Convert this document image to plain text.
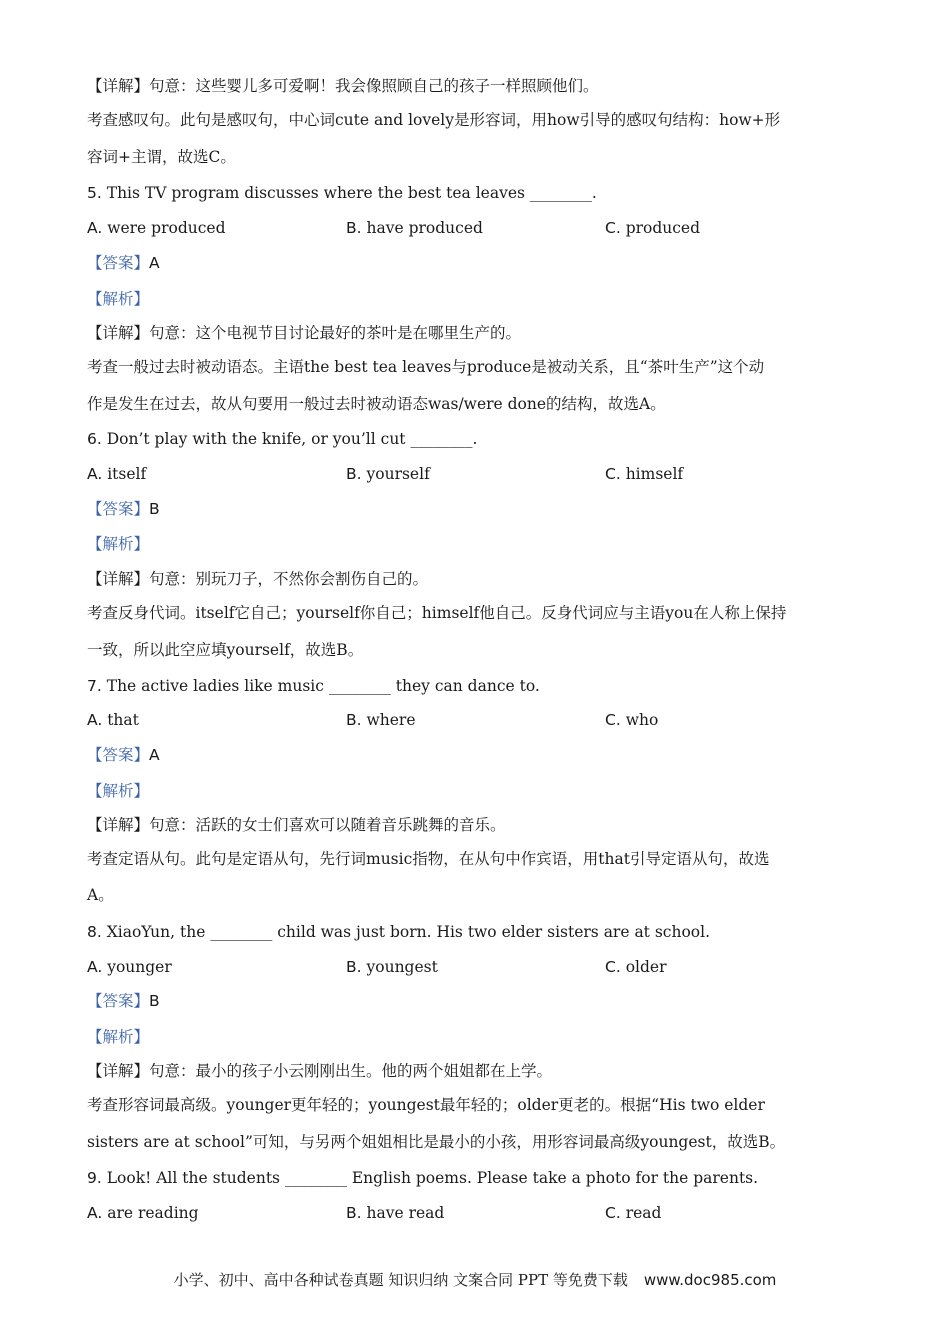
【详解】句意：这些婴儿多可爱啊！我会像照顾自己的孩子一样照顾他们。
考查感叹句。此句是感叹句，中心词cute and lovely是形容词，用how引导的感叹句结构：how+形
容词+主谓，故选C。
5. This TV program discusses where the best tea leaves ________.
A. were produced	B. have produced	C. produced
【答案】A
【解析】
【详解】句意：这个电视节目讨论最好的茶叶是在哪里生产的。
考查一般过去时被动语态。主语the best tea leaves与produce是被动关系，且“茶叶生产”这个动
作是发生在过去，故从句要用一般过去时被动语态was/were done的结构，故选A。
6. Don’t play with the knife, or you’ll cut ________.
A. itself	B. yourself	C. himself
【答案】B
【解析】
【详解】句意：别玩刀子，不然你会割伤自己的。
考查反身代词。itself它自己；yourself你自己；himself他自己。反身代词应与主语you在人称上保持
一致，所以此空应填yourself，故选B。
7. The active ladies like music ________ they can dance to.
A. that	B. where	C. who
【答案】A
【解析】
【详解】句意：活跃的女士们喜欢可以随着音乐跳舞的音乐。
考查定语从句。此句是定语从句，先行词music指物，在从句中作宾语，用that引导定语从句，故选
A。
8. XiaoYun, the ________ child was just born. His two elder sisters are at school.
A. younger	B. youngest	C. older
【答案】B
【解析】
【详解】句意：最小的孩子小云刚刚出生。他的两个姐姐都在上学。
考查形容词最高级。younger更年轻的；youngest最年轻的；older更老的。根据“His two elder
sisters are at school”可知，与另两个姐姐相比是最小的小孩，用形容词最高级youngest，故选B。
9. Look! All the students ________ English poems. Please take a photo for the parents.
A. are reading	B. have read	C. read
小学、初中、高中各种试卷真题 知识归纳 文案合同 PPT 等免费下载 www.doc985.com
